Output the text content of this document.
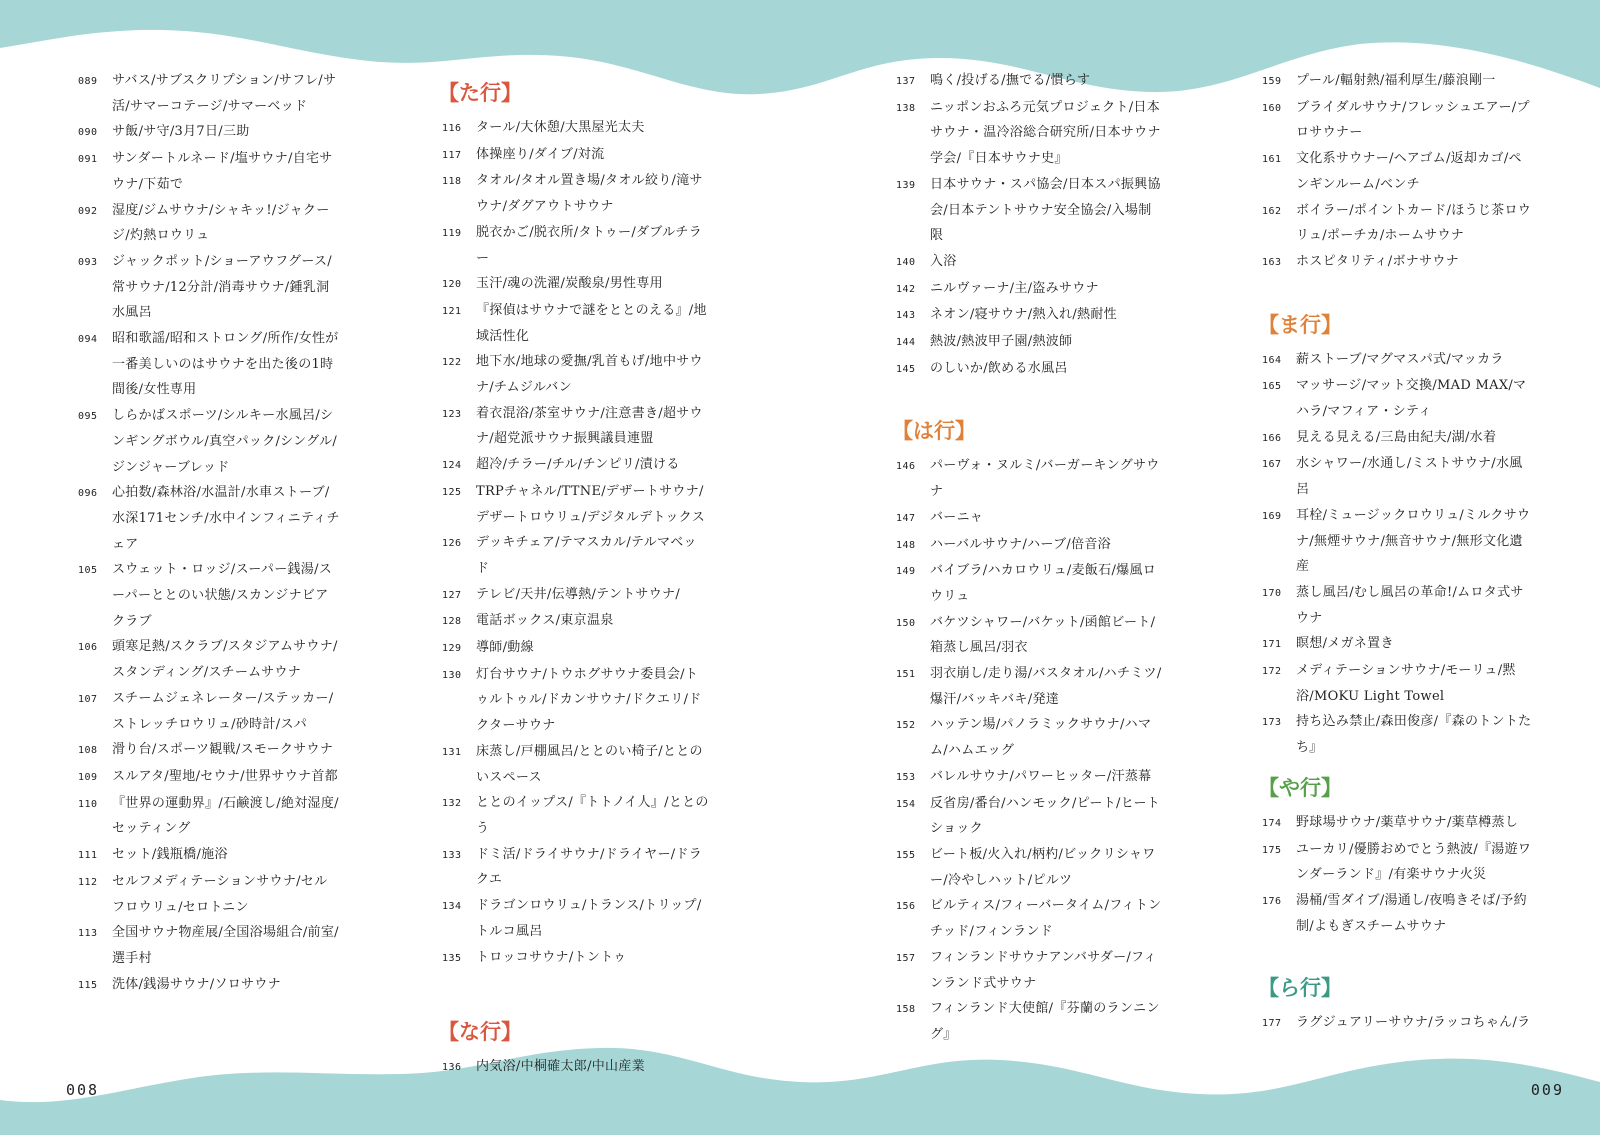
089	サバス/サブスクリプション/サフレ/サ活/サマーコテージ/サマーベッド
090	サ飯/サ守/3月7日/三助
091	サンダートルネード/塩サウナ/自宅サウナ/下茹で
092	湿度/ジムサウナ/シャキッ!/ジャクージ/灼熱ロウリュ
093	ジャックポット/ショーアウフグース/常サウナ/12分計/消毒サウナ/鍾乳洞水風呂
094	昭和歌謡/昭和ストロング/所作/女性が一番美しいのはサウナを出た後の1時間後/女性専用
095	しらかばスポーツ/シルキー水風呂/シンギングボウル/真空パック/シングル/ジンジャーブレッド
096	心拍数/森林浴/水温計/水車ストーブ/水深171センチ/水中インフィニティチェア
105	スウェット・ロッジ/スーパー銭湯/スーパーととのい状態/スカンジナビアクラブ
106	頭寒足熱/スクラブ/スタジアムサウナ/スタンディング/スチームサウナ
107	スチームジェネレーター/ステッカー/ストレッチロウリュ/砂時計/スパ
108	滑り台/スポーツ観戦/スモークサウナ
109	スルアタ/聖地/セウナ/世界サウナ首都
110	『世界の運動界』/石鹸渡し/絶対湿度/セッティング
111	セット/銭瓶橋/施浴
112	セルフメディテーションサウナ/セルフロウリュ/セロトニン
113	全国サウナ物産展/全国浴場組合/前室/選手村
115	洗体/銭湯サウナ/ソロサウナ
【た行】
116	タール/大休憩/大黒屋光太夫
117	体操座り/ダイブ/対流
118	タオル/タオル置き場/タオル絞り/滝サウナ/ダグアウトサウナ
119	脱衣かご/脱衣所/タトゥー/ダブルチラー
120	玉汗/魂の洗濯/炭酸泉/男性専用
121	『探偵はサウナで謎をととのえる』/地域活性化
122	地下水/地球の愛撫/乳首もげ/地中サウナ/チムジルバン
123	着衣混浴/茶室サウナ/注意書き/超サウナ/超党派サウナ振興議員連盟
124	超冷/チラー/チル/チンピリ/漬ける
125	TRPチャネル/TTNE/デザートサウナ/デザートロウリュ/デジタルデトックス
126	デッキチェア/テマスカル/テルマベッド
127	テレビ/天井/伝導熱/テントサウナ/
128	電話ボックス/東京温泉
129	導師/動線
130	灯台サウナ/トウホグサウナ委員会/トゥルトゥル/ドカンサウナ/ドクエリ/ドクターサウナ
131	床蒸し/戸棚風呂/ととのい椅子/ととのいスペース
132	ととのイップス/『トトノイ人』/ととのう
133	ドミ活/ドライサウナ/ドライヤー/ドラクエ
134	ドラゴンロウリュ/トランス/トリップ/トルコ風呂
135	トロッコサウナ/トントゥ
【な行】
136	内気浴/中桐確太郎/中山産業
137	鳴く/投げる/撫でる/慣らす
138	ニッポンおふろ元気プロジェクト/日本サウナ・温冷浴総合研究所/日本サウナ学会/『日本サウナ史』
139	日本サウナ・スパ協会/日本スパ振興協会/日本テントサウナ安全協会/入場制限
140	入浴
142	ニルヴァーナ/主/盗みサウナ
143	ネオン/寝サウナ/熱入れ/熱耐性
144	熱波/熱波甲子園/熱波師
145	のしいか/飲める水風呂
【は行】
146	パーヴォ・ヌルミ/バーガーキングサウナ
147	バーニャ
148	ハーバルサウナ/ハーブ/倍音浴
149	バイブラ/ハカロウリュ/麦飯石/爆風ロウリュ
150	バケツシャワー/バケット/函館ビート/箱蒸し風呂/羽衣
151	羽衣崩し/走り湯/バスタオル/ハチミツ/爆汗/バッキバキ/発達
152	ハッテン場/パノラミックサウナ/ハマム/ハムエッグ
153	バレルサウナ/パワーヒッター/汗蒸幕
154	反省房/番台/ハンモック/ピート/ヒートショック
155	ビート板/火入れ/柄杓/ビックリシャワー/冷やしハット/ピルツ
156	ビルティス/フィーバータイム/フィトンチッド/フィンランド
157	フィンランドサウナアンバサダー/フィンランド式サウナ
158	フィンランド大使館/『芬蘭のランニング』
159	プール/輻射熱/福利厚生/藤浪剛一
160	ブライダルサウナ/フレッシュエアー/プロサウナー
161	文化系サウナー/ヘアゴム/返却カゴ/ペンギンルーム/ベンチ
162	ボイラー/ポイントカード/ほうじ茶ロウリュ/ポーチカ/ホームサウナ
163	ホスピタリティ/ボナサウナ
【ま行】
164	薪ストーブ/マグマスパ式/マッカラ
165	マッサージ/マット交換/MAD MAX/マハラ/マフィア・シティ
166	見える見える/三島由紀夫/湖/水着
167	水シャワー/水通し/ミストサウナ/水風呂
169	耳栓/ミュージックロウリュ/ミルクサウナ/無煙サウナ/無音サウナ/無形文化遺産
170	蒸し風呂/むし風呂の革命!/ムロタ式サウナ
171	瞑想/メガネ置き
172	メディテーションサウナ/モーリュ/黙浴/MOKU Light Towel
173	持ち込み禁止/森田俊彦/『森のトントたち』
【や行】
174	野球場サウナ/薬草サウナ/薬草樽蒸し
175	ユーカリ/優勝おめでとう熱波/『湯遊ワンダーランド』/有楽サウナ火災
176	湯桶/雪ダイブ/湯通し/夜鳴きそば/予約制/よもぎスチームサウナ
【ら行】
177	ラグジュアリーサウナ/ラッコちゃん/ラ
008	009
